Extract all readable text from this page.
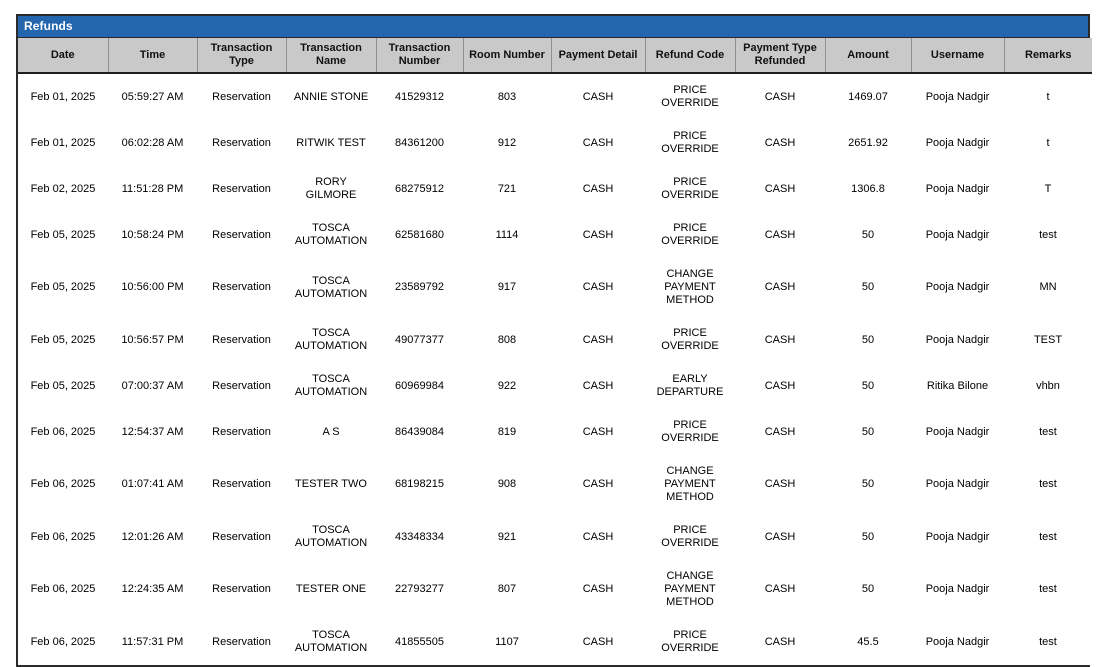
Refunds
Date	Time	Transaction Type	Transaction Name	Transaction Number	Room Number	Payment Detail	Refund Code	Payment Type Refunded	Amount	Username	Remarks
Feb 01, 2025	05:59:27 AM	Reservation	ANNIE STONE	41529312	803	CASH	PRICE OVERRIDE	CASH	1469.07	Pooja Nadgir	t
Feb 01, 2025	06:02:28 AM	Reservation	RITWIK TEST	84361200	912	CASH	PRICE OVERRIDE	CASH	2651.92	Pooja Nadgir	t
Feb 02, 2025	11:51:28 PM	Reservation	RORY GILMORE	68275912	721	CASH	PRICE OVERRIDE	CASH	1306.8	Pooja Nadgir	T
Feb 05, 2025	10:58:24 PM	Reservation	TOSCA AUTOMATION	62581680	1114	CASH	PRICE OVERRIDE	CASH	50	Pooja Nadgir	test
Feb 05, 2025	10:56:00 PM	Reservation	TOSCA AUTOMATION	23589792	917	CASH	CHANGE PAYMENT METHOD	CASH	50	Pooja Nadgir	MN
Feb 05, 2025	10:56:57 PM	Reservation	TOSCA AUTOMATION	49077377	808	CASH	PRICE OVERRIDE	CASH	50	Pooja Nadgir	TEST
Feb 05, 2025	07:00:37 AM	Reservation	TOSCA AUTOMATION	60969984	922	CASH	EARLY DEPARTURE	CASH	50	Ritika Bilone	vhbn
Feb 06, 2025	12:54:37 AM	Reservation	A S	86439084	819	CASH	PRICE OVERRIDE	CASH	50	Pooja Nadgir	test
Feb 06, 2025	01:07:41 AM	Reservation	TESTER TWO	68198215	908	CASH	CHANGE PAYMENT METHOD	CASH	50	Pooja Nadgir	test
Feb 06, 2025	12:01:26 AM	Reservation	TOSCA AUTOMATION	43348334	921	CASH	PRICE OVERRIDE	CASH	50	Pooja Nadgir	test
Feb 06, 2025	12:24:35 AM	Reservation	TESTER ONE	22793277	807	CASH	CHANGE PAYMENT METHOD	CASH	50	Pooja Nadgir	test
Feb 06, 2025	11:57:31 PM	Reservation	TOSCA AUTOMATION	41855505	1107	CASH	PRICE OVERRIDE	CASH	45.5	Pooja Nadgir	test
